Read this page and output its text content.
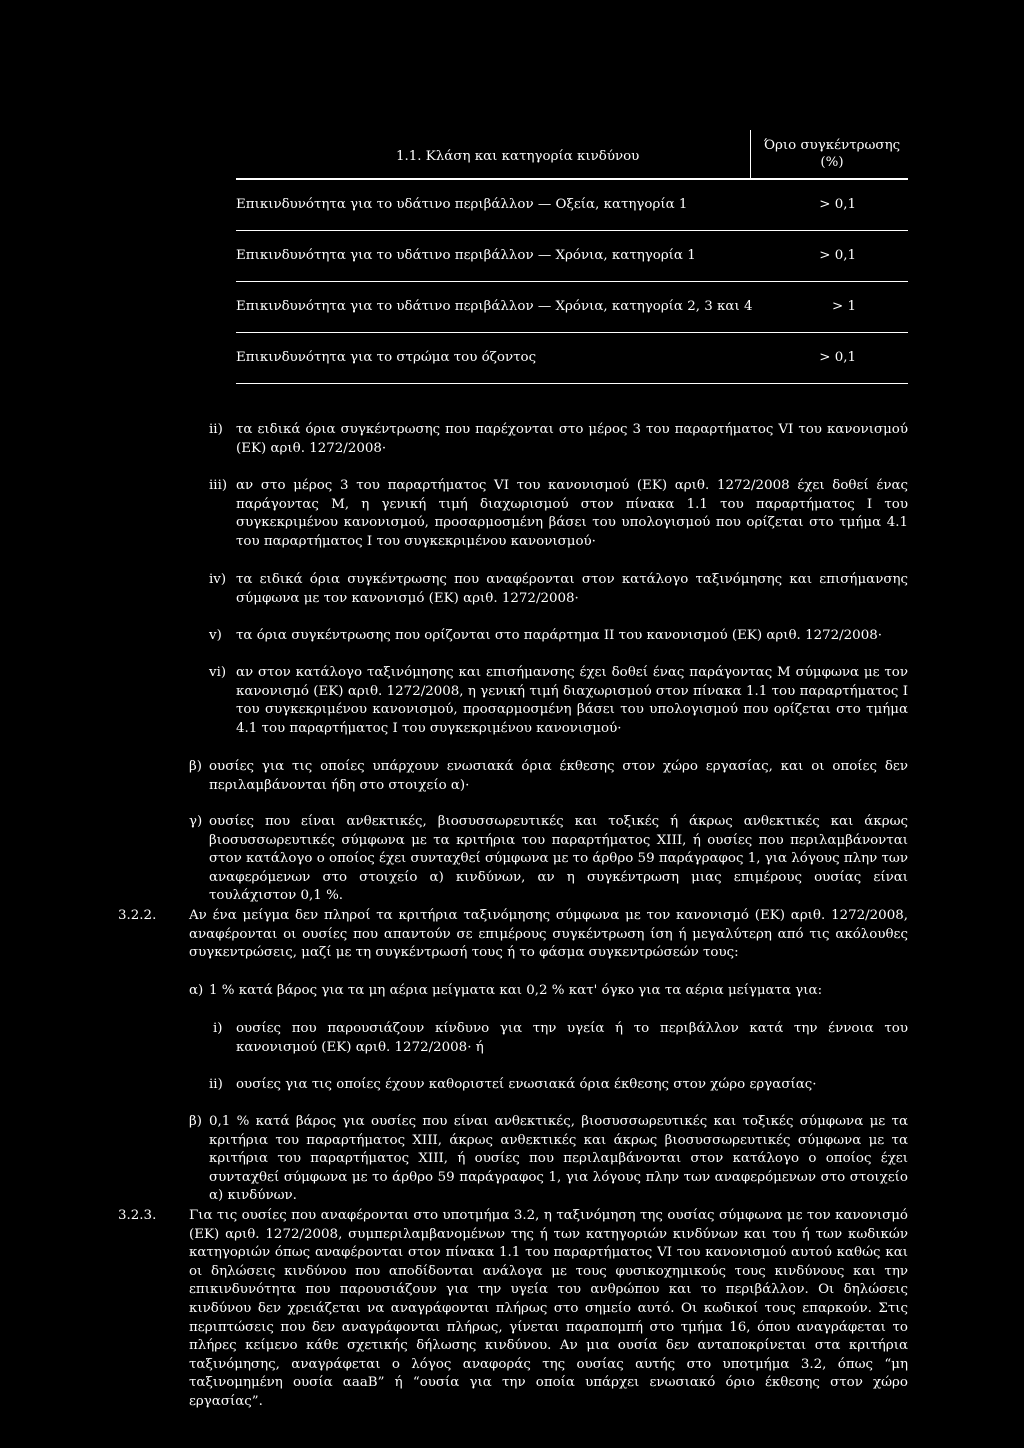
1.1. Κλάση και κατηγορία κινδύνου
Όριο συγκέντρωσης
(%)
Επικινδυνότητα για το υδάτινο περιβάλλον — Οξεία, κατηγορία 1	> 0,1
Επικινδυνότητα για το υδάτινο περιβάλλον — Χρόνια, κατηγορία 1	> 0,1
Επικινδυνότητα για το υδάτινο περιβάλλον — Χρόνια, κατηγορία 2, 3 και 4	> 1
Επικινδυνότητα για το στρώμα του όζοντος	> 0,1
ii) τα ειδικά όρια συγκέντρωσης που παρέχονται στο μέρος 3 του παραρτήματος VI του κανονισμού (ΕΚ) αριθ. 1272/2008·

iii) αν στο μέρος 3 του παραρτήματος VI του κανονισμού (ΕΚ) αριθ. 1272/2008 έχει δοθεί ένας παράγοντας Μ, η γενική τιμή διαχωρισμού στον πίνακα 1.1 του παραρτήματος I του συγκεκριμένου κανονισμού, προσαρμοσμένη βάσει του υπολογισμού που ορίζεται στο τμήμα 4.1 του παραρτήματος I του συγκεκριμένου κανονισμού·

iv) τα ειδικά όρια συγκέντρωσης που αναφέρονται στον κατάλογο ταξινόμησης και επισήμανσης σύμφωνα με τον κανονισμό (ΕΚ) αριθ. 1272/2008·

v) τα όρια συγκέντρωσης που ορίζονται στο παράρτημα II του κανονισμού (ΕΚ) αριθ. 1272/2008·

vi) αν στον κατάλογο ταξινόμησης και επισήμανσης έχει δοθεί ένας παράγοντας Μ σύμφωνα με τον κανονισμό (ΕΚ) αριθ. 1272/2008, η γενική τιμή διαχωρισμού στον πίνακα 1.1 του παραρτήματος I του συγκεκριμένου κανονισμού, προσαρμοσμένη βάσει του υπολογισμού που ορίζεται στο τμήμα 4.1 του παραρτήματος I του συγκεκριμένου κανονισμού·

β) ουσίες για τις οποίες υπάρχουν ενωσιακά όρια έκθεσης στον χώρο εργασίας, και οι οποίες δεν περιλαμβάνονται ήδη στο στοιχείο α)·

γ) ουσίες που είναι ανθεκτικές, βιοσυσσωρευτικές και τοξικές ή άκρως ανθεκτικές και άκρως βιοσυσσωρευτικές σύμφωνα με τα κριτήρια του παραρτήματος XIII, ή ουσίες που περιλαμβάνονται στον κατάλογο ο οποίος έχει συνταχθεί σύμφωνα με το άρθρο 59 παράγραφος 1, για λόγους πλην των αναφερόμενων στο στοιχείο α) κινδύνων, αν η συγκέντρωση μιας επιμέρους ουσίας είναι τουλάχιστον 0,1 %.

3.2.2. Αν ένα μείγμα δεν πληροί τα κριτήρια ταξινόμησης σύμφωνα με τον κανονισμό (ΕΚ) αριθ. 1272/2008, αναφέρονται οι ουσίες που απαντούν σε επιμέρους συγκέντρωση ίση ή μεγαλύτερη από τις ακόλουθες συγκεντρώσεις, μαζί με τη συγκέντρωσή τους ή το φάσμα συγκεντρώσεών τους:

α) 1 % κατά βάρος για τα μη αέρια μείγματα και 0,2 % κατ' όγκο για τα αέρια μείγματα για:

i) ουσίες που παρουσιάζουν κίνδυνο για την υγεία ή το περιβάλλον κατά την έννοια του κανονισμού (ΕΚ) αριθ. 1272/2008· ή

ii) ουσίες για τις οποίες έχουν καθοριστεί ενωσιακά όρια έκθεσης στον χώρο εργασίας·

β) 0,1 % κατά βάρος για ουσίες που είναι ανθεκτικές, βιοσυσσωρευτικές και τοξικές σύμφωνα με τα κριτήρια του παραρτήματος XIII, άκρως ανθεκτικές και άκρως βιοσυσσωρευτικές σύμφωνα με τα κριτήρια του παραρτήματος XIII, ή ουσίες που περιλαμβάνονται στον κατάλογο ο οποίος έχει συνταχθεί σύμφωνα με το άρθρο 59 παράγραφος 1, για λόγους πλην των αναφερόμενων στο στοιχείο α) κινδύνων.

3.2.3. Για τις ουσίες που αναφέρονται στο υποτμήμα 3.2, η ταξινόμηση της ουσίας σύμφωνα με τον κανονισμό (ΕΚ) αριθ. 1272/2008, συμπεριλαμβανομένων της ή των κατηγοριών κινδύνων και του ή των κωδικών κατηγοριών όπως αναφέρονται στον πίνακα 1.1 του παραρτήματος VI του κανονισμού αυτού καθώς και οι δηλώσεις κινδύνου που αποδίδονται ανάλογα με τους φυσικοχημικούς τους κινδύνους και την επικινδυνότητα που παρουσιάζουν για την υγεία του ανθρώπου και το περιβάλλον. Οι δηλώσεις κινδύνου δεν χρειάζεται να αναγράφονται πλήρως στο σημείο αυτό. Οι κωδικοί τους επαρκούν. Στις περιπτώσεις που δεν αναγράφονται πλήρως, γίνεται παραπομπή στο τμήμα 16, όπου αναγράφεται το πλήρες κείμενο κάθε σχετικής δήλωσης κινδύνου. Αν μια ουσία δεν ανταποκρίνεται στα κριτήρια ταξινόμησης, αναγράφεται ο λόγος αναφοράς της ουσίας αυτής στο υποτμήμα 3.2, όπως “μη ταξινομημένη ουσία αaaB” ή “ουσία για την οποία υπάρχει ενωσιακό όριο έκθεσης στον χώρο εργασίας”.
